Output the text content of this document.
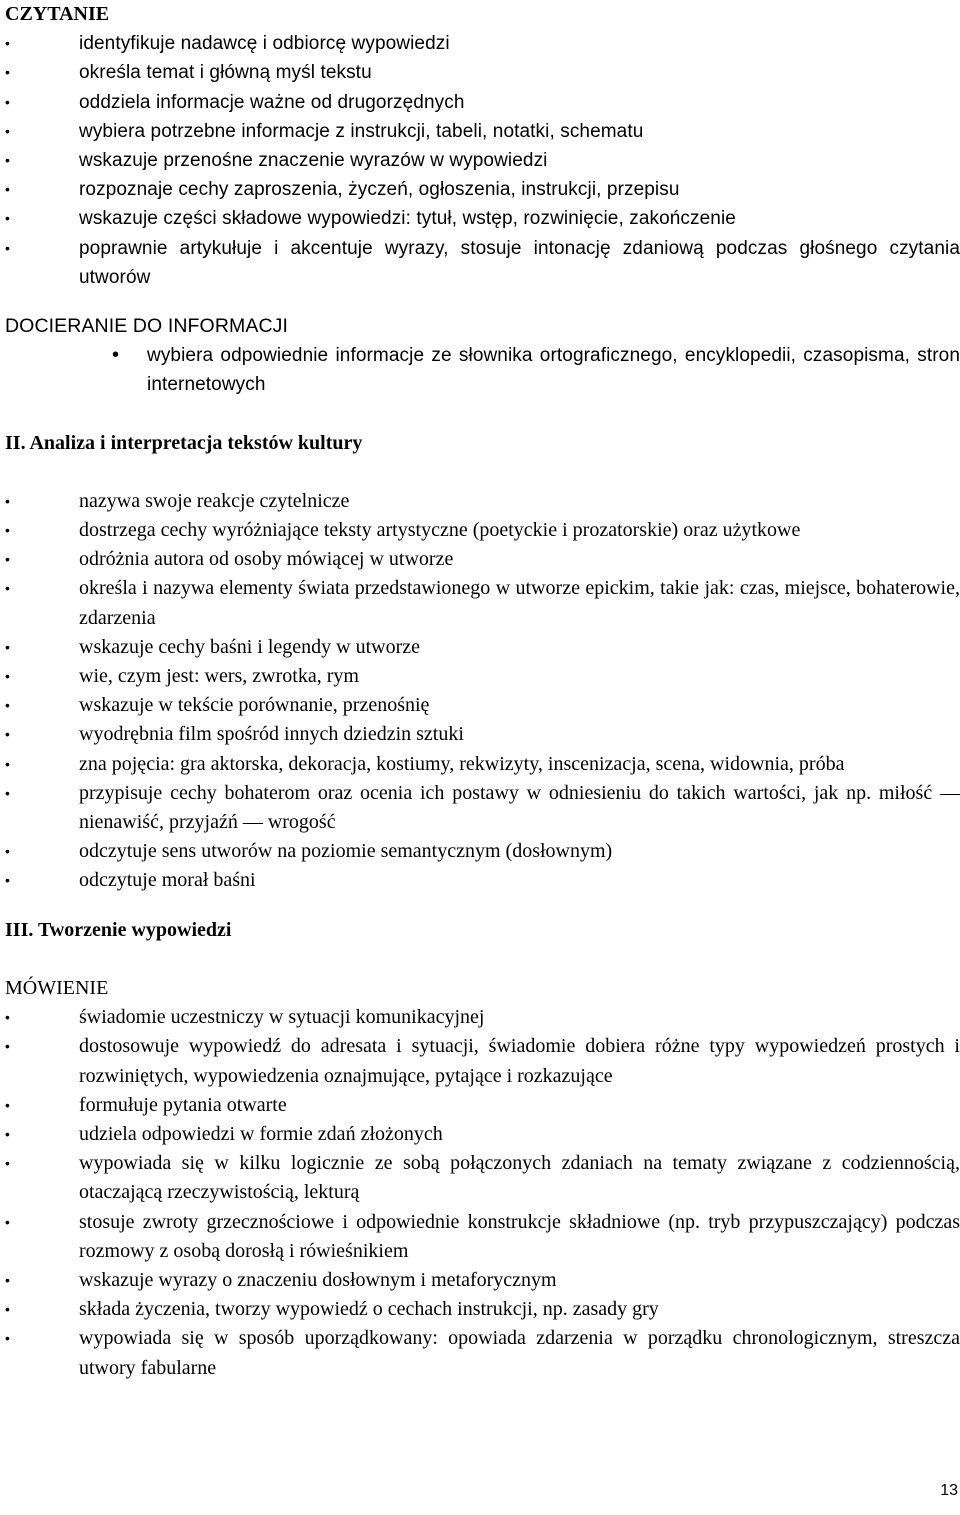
CZYTANIE
•	identyfikuje nadawcę i odbiorcę wypowiedzi
•	określa temat i główną myśl tekstu
•	oddziela informacje ważne od drugorzędnych
•	wybiera potrzebne informacje z instrukcji, tabeli, notatki, schematu
•	wskazuje przenośne znaczenie wyrazów w wypowiedzi
•	rozpoznaje cechy zaproszenia, życzeń, ogłoszenia, instrukcji, przepisu
•	wskazuje części składowe wypowiedzi: tytuł, wstęp, rozwinięcie, zakończenie
•	poprawnie artykułuje i akcentuje wyrazy, stosuje intonację zdaniową podczas głośnego czytania utworów
DOCIERANIE DO INFORMACJI
• wybiera odpowiednie informacje ze słownika ortograficznego, encyklopedii, czasopisma, stron internetowych
II. Analiza i interpretacja tekstów kultury
•	nazywa swoje reakcje czytelnicze
•	dostrzega cechy wyróżniające teksty artystyczne (poetyckie i prozatorskie) oraz użytkowe
•	odróżnia autora od osoby mówiącej w utworze
•	określa i nazywa elementy świata przedstawionego w utworze epickim, takie jak: czas, miejsce, bohaterowie, zdarzenia
•	wskazuje cechy baśni i legendy w utworze
•	wie, czym jest: wers, zwrotka, rym
•	wskazuje w tekście porównanie, przenośnię
•	wyodrębnia film spośród innych dziedzin sztuki
•	zna pojęcia: gra aktorska, dekoracja, kostiumy, rekwizyty, inscenizacja, scena, widownia, próba
•	przypisuje cechy bohaterom oraz ocenia ich postawy w odniesieniu do takich wartości, jak np. miłość — nienawiść, przyjaźń — wrogość
•	odczytuje sens utworów na poziomie semantycznym (dosłownym)
•	odczytuje morał baśni
III. Tworzenie wypowiedzi
MÓWIENIE
•	świadomie uczestniczy w sytuacji komunikacyjnej
•	dostosowuje wypowiedź do adresata i sytuacji, świadomie dobiera różne typy wypowiedzeń prostych i rozwiniętych, wypowiedzenia oznajmujące, pytające i rozkazujące
•	formułuje pytania otwarte
•	udziela odpowiedzi w formie zdań złożonych
•	wypowiada się w kilku logicznie ze sobą połączonych zdaniach na tematy związane z codziennością, otaczającą rzeczywistością, lekturą
•	stosuje zwroty grzecznościowe i odpowiednie konstrukcje składniowe (np. tryb przypuszczający) podczas rozmowy z osobą dorosłą i rówieśnikiem
•	wskazuje wyrazy o znaczeniu dosłownym i metaforycznym
•	składa życzenia, tworzy wypowiedź o cechach instrukcji, np. zasady gry
•	wypowiada się w sposób uporządkowany: opowiada zdarzenia w porządku chronologicznym, streszcza utwory fabularne
13
